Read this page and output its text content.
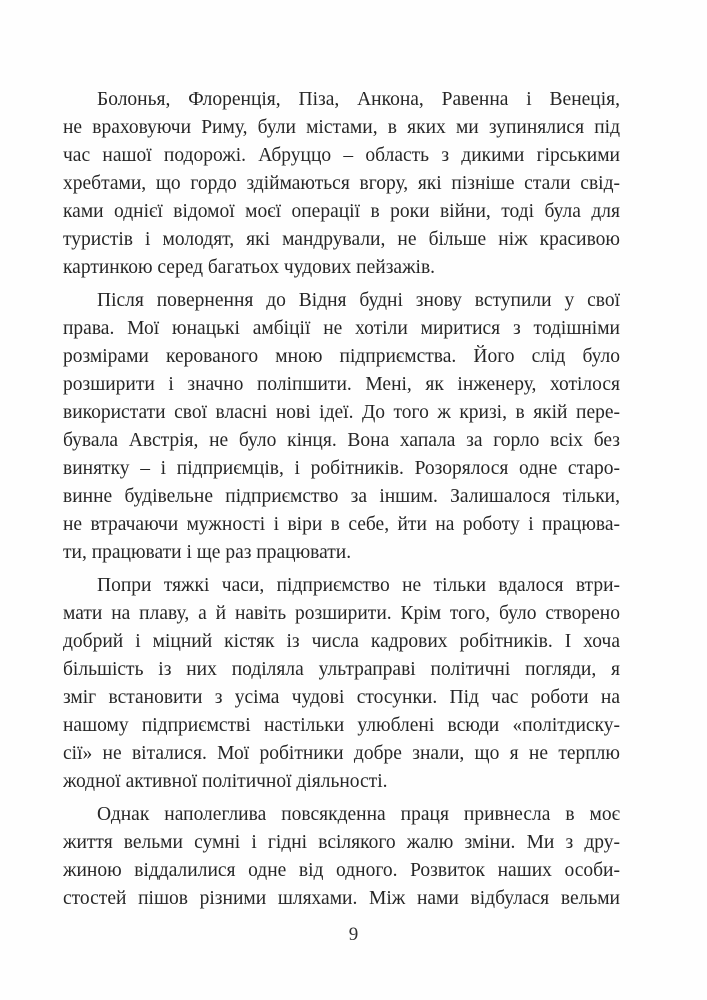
Болонья, Флоренція, Піза, Анкона, Равенна і Венеція,
не враховуючи Риму, були містами, в яких ми зупинялися під
час нашої подорожі. Абруццо – область з дикими гірськими
хребтами, що гордо здіймаються вгору, які пізніше стали свід-
ками однієї відомої моєї операції в роки війни, тоді була для
туристів і молодят, які мандрували, не більше ніж красивою
картинкою серед багатьох чудових пейзажів.
Після повернення до Відня будні знову вступили у свої
права. Мої юнацькі амбіції не хотіли миритися з тодішніми
розмірами керованого мною підприємства. Його слід було
розширити і значно поліпшити. Мені, як інженеру, хотілося
використати свої власні нові ідеї. До того ж кризі, в якій пере-
бувала Австрія, не було кінця. Вона хапала за горло всіх без
винятку – і підприємців, і робітників. Розорялося одне старо-
винне будівельне підприємство за іншим. Залишалося тільки,
не втрачаючи мужності і віри в себе, йти на роботу і працюва-
ти, працювати і ще раз працювати.
Попри тяжкі часи, підприємство не тільки вдалося втри-
мати на плаву, а й навіть розширити. Крім того, було створено
добрий і міцний кістяк із числа кадрових робітників. І хоча
більшість із них поділяла ультраправі політичні погляди, я
зміг встановити з усіма чудові стосунки. Під час роботи на
нашому підприємстві настільки улюблені всюди «політдиску-
сії» не віталися. Мої робітники добре знали, що я не терплю
жодної активної політичної діяльності.
Однак наполеглива повсякденна праця привнесла в моє
життя вельми сумні і гідні всілякого жалю зміни. Ми з дру-
жиною віддалилися одне від одного. Розвиток наших особи-
стостей пішов різними шляхами. Між нами відбулася вельми
9
